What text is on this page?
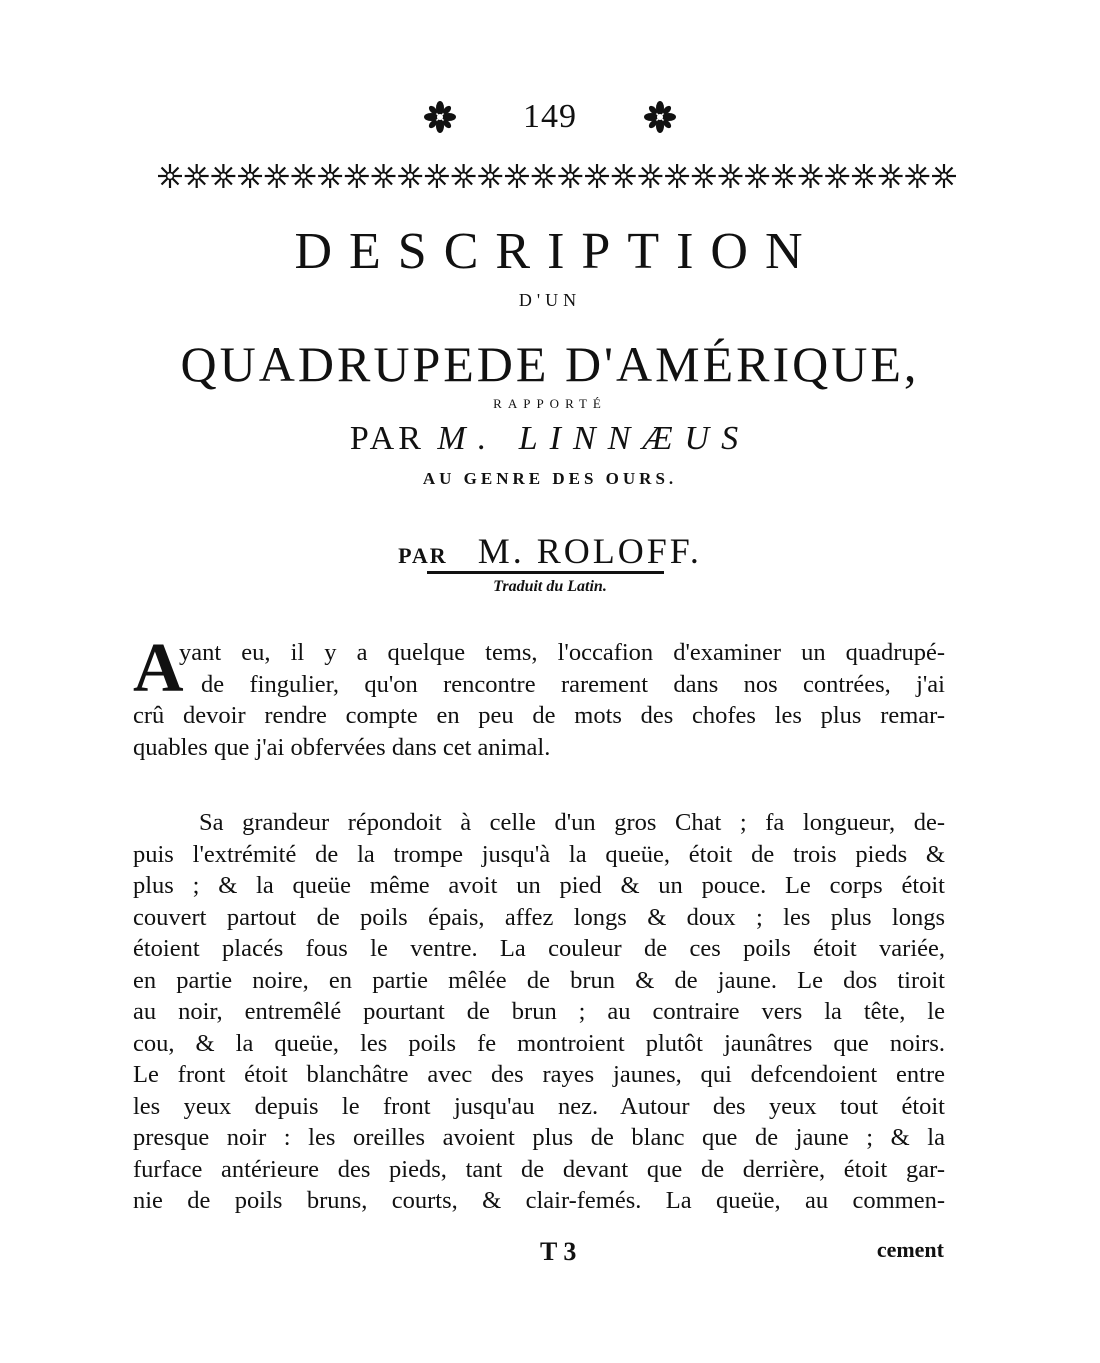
149
DESCRIPTION
D'UN
QUADRUPEDE D'AMÉRIQUE,
RAPPORTÉ
PAR M. LINNÆUS
AU GENRE DES OURS.
PAR M. ROLOFF.
Traduit du Latin.
A
yant eu, il y a quelque tems, l'occafion d'examiner un quadrupé-
de fingulier, qu'on rencontre rarement dans nos contrées, j'ai
crû devoir rendre compte en peu de mots des chofes les plus remar-
quables que j'ai obfervées dans cet animal.
Sa grandeur répondoit à celle d'un gros Chat ; fa longueur, de-
puis l'extrémité de la trompe jusqu'à la queüe, étoit de trois pieds &
plus ; & la queüe même avoit un pied & un pouce. Le corps étoit
couvert partout de poils épais, affez longs & doux ; les plus longs
étoient placés fous le ventre. La couleur de ces poils étoit variée,
en partie noire, en partie mêlée de brun & de jaune. Le dos tiroit
au noir, entremêlé pourtant de brun ; au contraire vers la tête, le
cou, & la queüe, les poils fe montroient plutôt jaunâtres que noirs.
Le front étoit blanchâtre avec des rayes jaunes, qui defcendoient entre
les yeux depuis le front jusqu'au nez. Autour des yeux tout étoit
presque noir : les oreilles avoient plus de blanc que de jaune ; & la
furface antérieure des pieds, tant de devant que de derrière, étoit gar-
nie de poils bruns, courts, & clair-femés. La queüe, au commen-
T 3	cement
